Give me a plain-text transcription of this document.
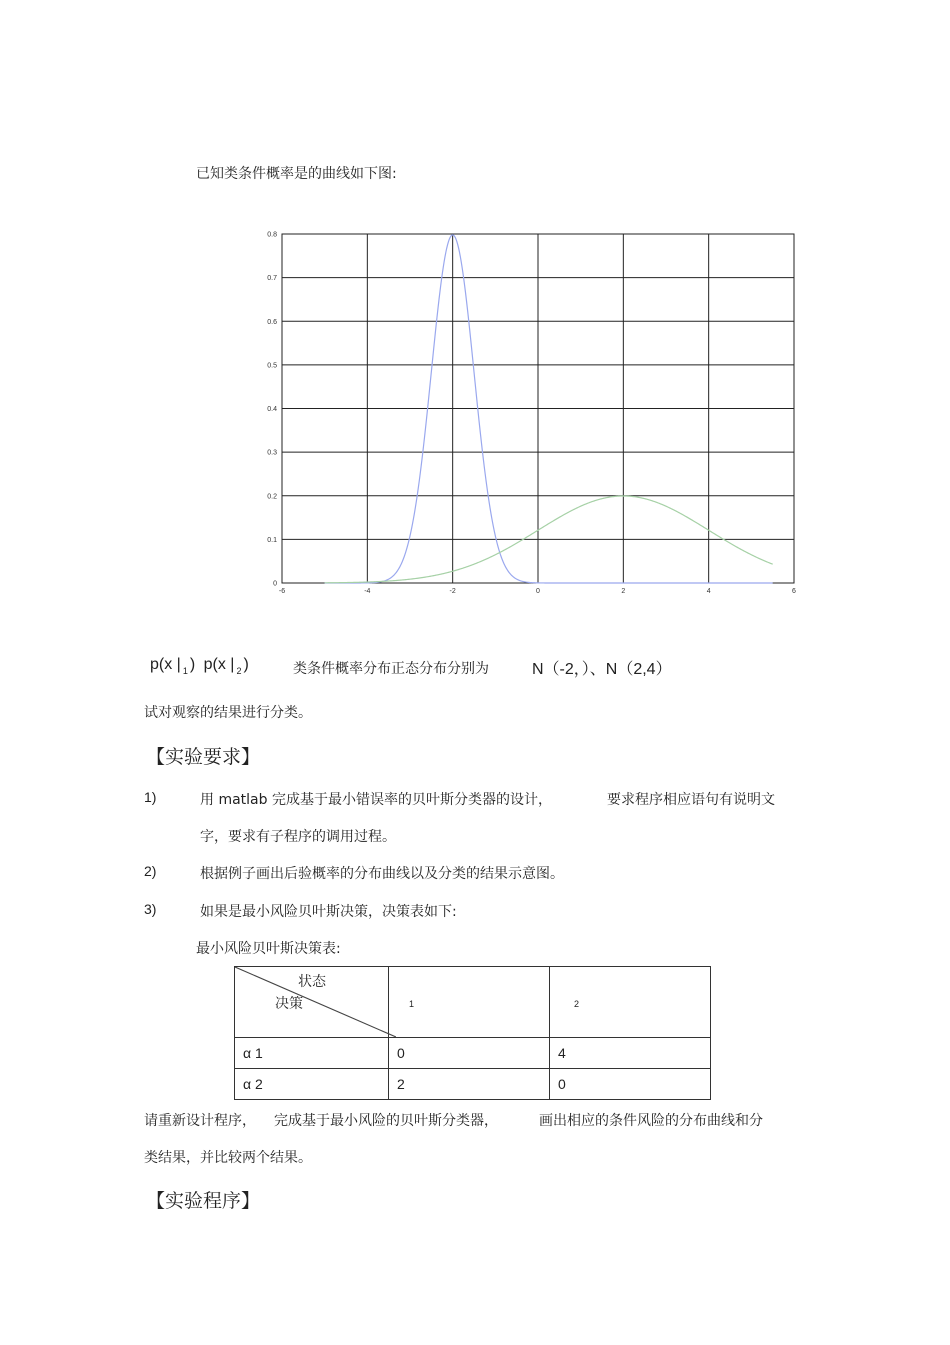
已知类条件概率是的曲线如下图:
-6	-4	-2	0	2	4	6
0
0.1
0.2
0.3
0.4
0.5
0.6
0.7
0.8
p(x | $_1$ ) p(x | $_2$ )	类条件概率分布正态分布分别为	N（-2，）、N（2,4）
试对观察的结果进行分类。
【实验要求】
1)	用 matlab 完成基于最小错误率的贝叶斯分类器的设计，	要求程序相应语句有说明文
字，要求有子程序的调用过程。
2)	根据例子画出后验概率的分布曲线以及分类的结果示意图。
3)	如果是最小风险贝叶斯决策，决策表如下:
最小风险贝叶斯决策表:
状态
决策	1	2
α 1	0	4
α 2	2	0
请重新设计程序， 完成基于最小风险的贝叶斯分类器，	画出相应的条件风险的分布曲线和分
类结果，并比较两个结果。
【实验程序】
